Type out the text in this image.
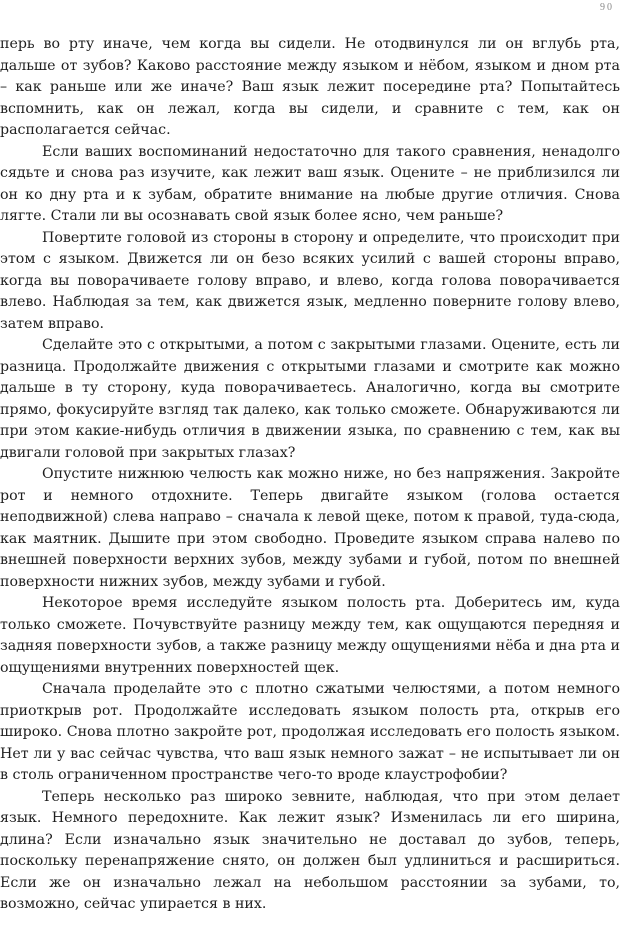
90

перь во рту иначе, чем когда вы сидели. Не отодвинулся ли он вглубь рта, дальше от зубов? Каково расстояние между языком и нёбом, языком и дном рта – как раньше или же иначе? Ваш язык лежит посередине рта? Попытайтесь вспомнить, как он лежал, когда вы сидели, и сравните с тем, как он располагается сейчас.

Если ваших воспоминаний недостаточно для такого сравнения, ненадолго сядьте и снова раз изучите, как лежит ваш язык. Оцените – не приблизился ли он ко дну рта и к зубам, обратите внимание на любые другие отличия. Снова лягте. Стали ли вы осознавать свой язык более ясно, чем раньше?

Повертите головой из стороны в сторону и определите, что происходит при этом с языком. Движется ли он безо всяких усилий с вашей стороны вправо, когда вы поворачиваете голову вправо, и влево, когда голова поворачивается влево. Наблюдая за тем, как движется язык, медленно поверните голову влево, затем вправо.

Сделайте это с открытыми, а потом с закрытыми глазами. Оцените, есть ли разница. Продолжайте движения с открытыми глазами и смотрите как можно дальше в ту сторону, куда поворачиваетесь. Аналогично, когда вы смотрите прямо, фокусируйте взгляд так далеко, как только сможете. Обнаруживаются ли при этом какие-нибудь отличия в движении языка, по сравнению с тем, как вы двигали головой при закрытых глазах?

Опустите нижнюю челюсть как можно ниже, но без напряжения. Закройте рот и немного отдохните. Теперь двигайте языком (голова остается неподвижной) слева направо – сначала к левой щеке, потом к правой, туда-сюда, как маятник. Дышите при этом свободно. Проведите языком справа налево по внешней поверхности верхних зубов, между зубами и губой, потом по внешней поверхности нижних зубов, между зубами и губой.

Некоторое время исследуйте языком полость рта. Доберитесь им, куда только сможете. Почувствуйте разницу между тем, как ощущаются передняя и задняя поверхности зубов, а также разницу между ощущениями нёба и дна рта и ощущениями внутренних поверхностей щек.

Сначала проделайте это с плотно сжатыми челюстями, а потом немного приоткрыв рот. Продолжайте исследовать языком полость рта, открыв его широко. Снова плотно закройте рот, продолжая исследовать его полость языком. Нет ли у вас сейчас чувства, что ваш язык немного зажат – не испытывает ли он в столь ограниченном пространстве чего-то вроде клаустрофобии?

Теперь несколько раз широко зевните, наблюдая, что при этом делает язык. Немного передохните. Как лежит язык? Изменилась ли его ширина, длина? Если изначально язык значительно не доставал до зубов, теперь, поскольку перенапряжение снято, он должен был удлиниться и расшириться. Если же он изначально лежал на небольшом расстоянии за зубами, то, возможно, сейчас упирается в них.
